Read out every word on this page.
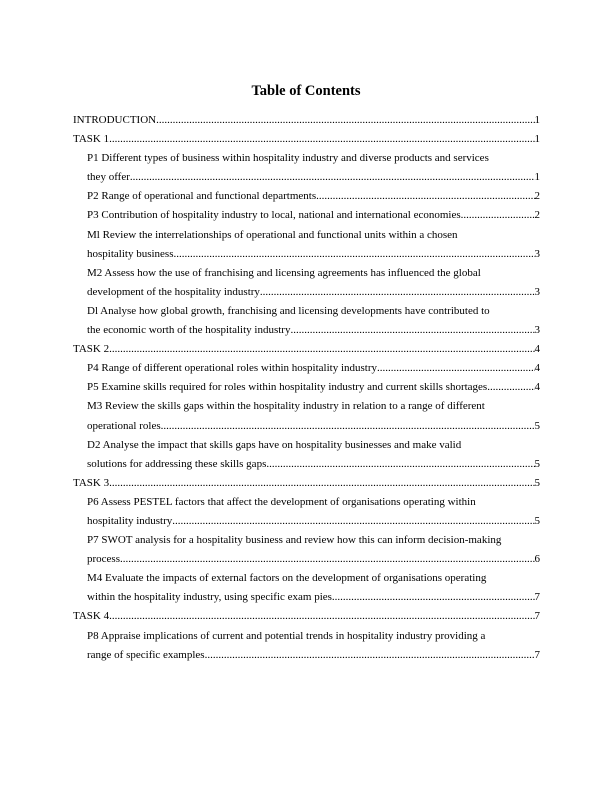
Table of Contents
INTRODUCTION .....	1
TASK 1 .....	1
P1 Different types of business within hospitality industry and diverse products and services
they offer .....	1
P2 Range of operational and functional departments .....	2
P3 Contribution of hospitality industry to local, national and international economies .....	2
Ml Review the interrelationships of operational and functional units within a chosen
hospitality business .....	3
M2 Assess how the use of franchising and licensing agreements has influenced the global
development of the hospitality industry .....	3
Dl Analyse how global growth, franchising and licensing developments have contributed to
the economic worth of the hospitality industry .....	3
TASK 2 .....	4
P4 Range of different operational roles within hospitality industry .....	4
P5 Examine skills required for roles within hospitality industry and current skills shortages .....	4
M3 Review the skills gaps within the hospitality industry in relation to a range of different
operational roles .....	5
D2 Analyse the impact that skills gaps have on hospitality businesses and make valid
solutions for addressing these skills gaps .....	5
TASK 3 .....	5
P6 Assess PESTEL factors that affect the development of organisations operating within
hospitality industry .....	5
P7 SWOT analysis for a hospitality business and review how this can inform decision-making
process .....	6
M4 Evaluate the impacts of external factors on the development of organisations operating
within the hospitality industry, using specific exam pies .....	7
TASK 4 .....	7
P8 Appraise implications of current and potential trends in hospitality industry providing a
range of specific examples .....	7
